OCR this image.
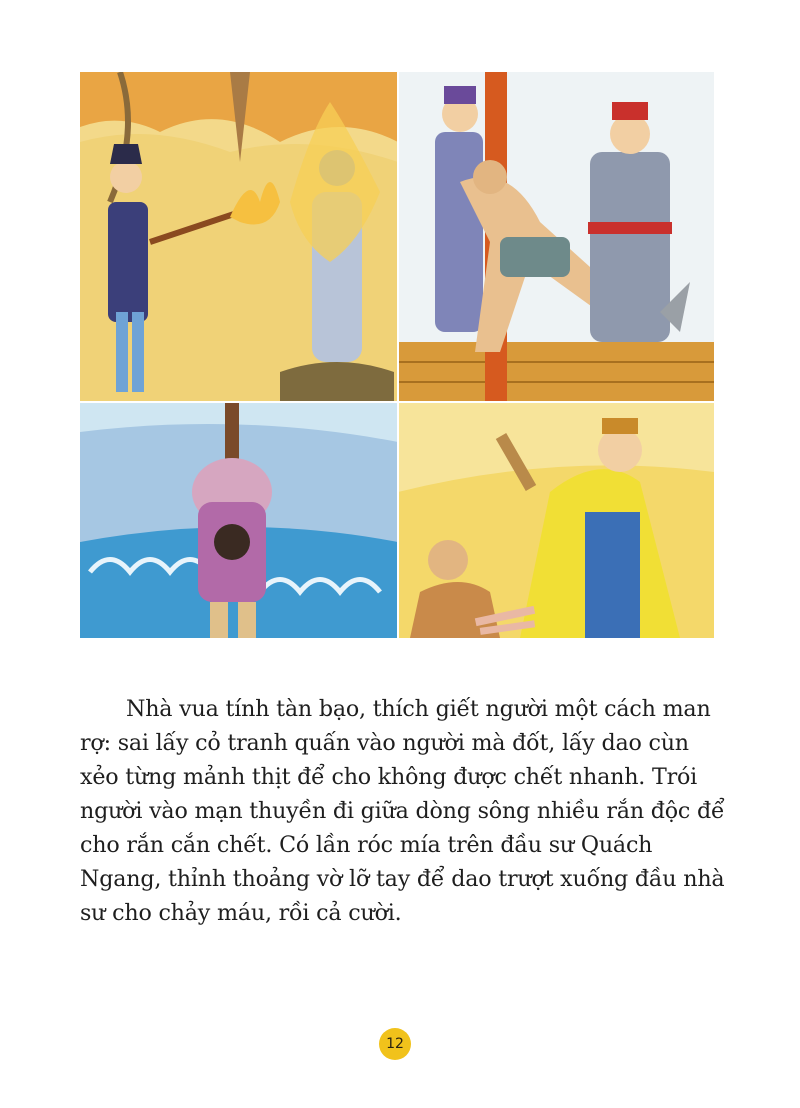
Nhà vua tính tàn bạo, thích giết người một cách man rợ: sai lấy cỏ tranh quấn vào người mà đốt, lấy dao cùn xẻo từng mảnh thịt để cho không được chết nhanh. Trói người vào mạn thuyền đi giữa dòng sông nhiều rắn độc để cho rắn cắn chết. Có lần róc mía trên đầu sư Quách Ngang, thỉnh thoảng vờ lỡ tay để dao trượt xuống đầu nhà sư cho chảy máu, rồi cả cười.

12
